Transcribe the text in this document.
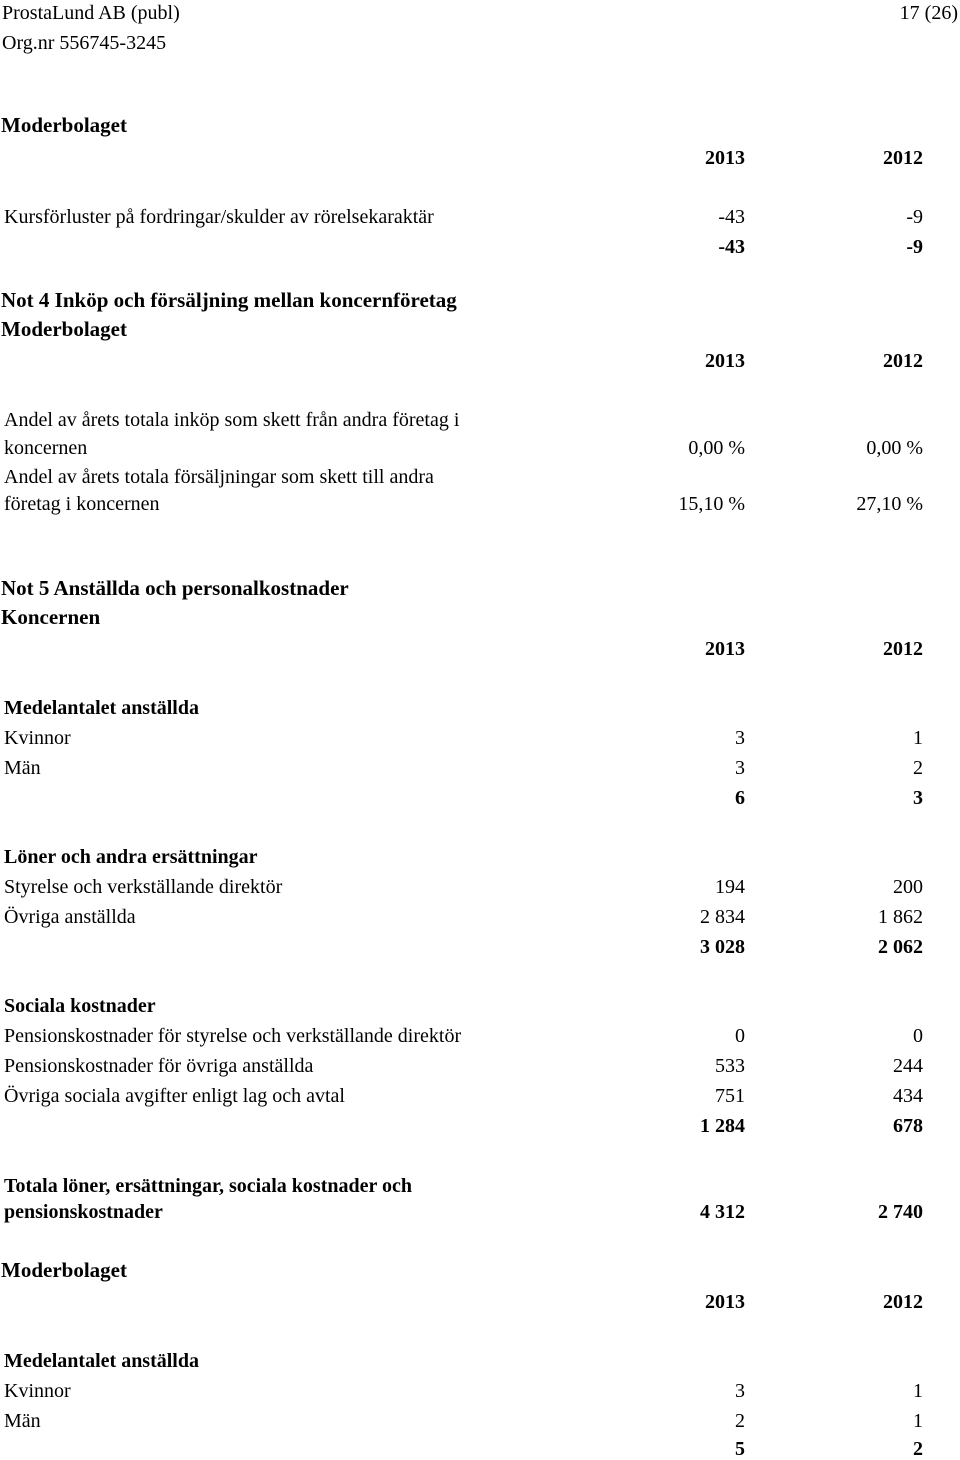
ProstaLund AB (publ)	17 (26)
Org.nr 556745-3245
Moderbolaget
2013	2012
Kursförluster på fordringar/skulder av rörelsekaraktär	-43	-9
-43	-9
Not 4 Inköp och försäljning mellan koncernföretag
Moderbolaget
2013	2012
Andel av årets totala inköp som skett från andra företag i
koncernen	0,00 %	0,00 %
Andel av årets totala försäljningar som skett till andra
företag i koncernen	15,10 %	27,10 %
Not 5 Anställda och personalkostnader
Koncernen
2013	2012
Medelantalet anställda
Kvinnor	3	1
Män	3	2
6	3
Löner och andra ersättningar
Styrelse och verkställande direktör	194	200
Övriga anställda	2 834	1 862
3 028	2 062
Sociala kostnader
Pensionskostnader för styrelse och verkställande direktör	0	0
Pensionskostnader för övriga anställda	533	244
Övriga sociala avgifter enligt lag och avtal	751	434
1 284	678
Totala löner, ersättningar, sociala kostnader och
pensionskostnader	4 312	2 740
Moderbolaget
2013	2012
Medelantalet anställda
Kvinnor	3	1
Män	2	1
5	2
